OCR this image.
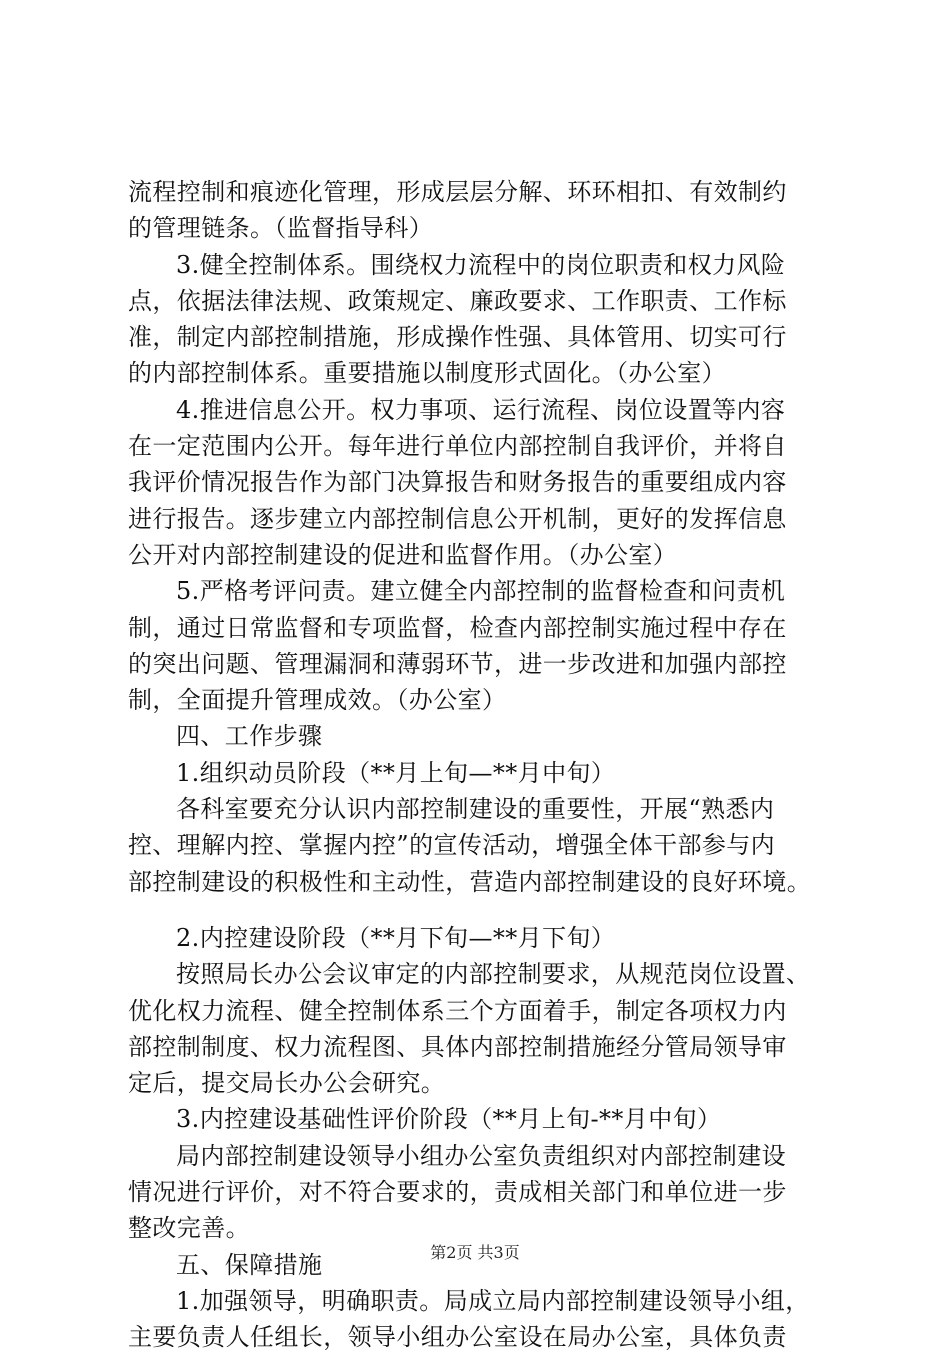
流程控制和痕迹化管理，形成层层分解、环环相扣、有效制约
的管理链条。（监督指导科）
3.健全控制体系。围绕权力流程中的岗位职责和权力风险
点，依据法律法规、政策规定、廉政要求、工作职责、工作标
准，制定内部控制措施，形成操作性强、具体管用、切实可行
的内部控制体系。重要措施以制度形式固化。（办公室）
4.推进信息公开。权力事项、运行流程、岗位设置等内容
在一定范围内公开。每年进行单位内部控制自我评价，并将自
我评价情况报告作为部门决算报告和财务报告的重要组成内容
进行报告。逐步建立内部控制信息公开机制，更好的发挥信息
公开对内部控制建设的促进和监督作用。（办公室）
5.严格考评问责。建立健全内部控制的监督检查和问责机
制，通过日常监督和专项监督，检查内部控制实施过程中存在
的突出问题、管理漏洞和薄弱环节，进一步改进和加强内部控
制，全面提升管理成效。（办公室）
四、工作步骤
1.组织动员阶段（**月上旬—**月中旬）
各科室要充分认识内部控制建设的重要性，开展“熟悉内
控、理解内控、掌握内控”的宣传活动，增强全体干部参与内
部控制建设的积极性和主动性，营造内部控制建设的良好环境。
2.内控建设阶段（**月下旬—**月下旬）
按照局长办公会议审定的内部控制要求，从规范岗位设置、
优化权力流程、健全控制体系三个方面着手，制定各项权力内
部控制制度、权力流程图、具体内部控制措施经分管局领导审
定后，提交局长办公会研究。
3.内控建设基础性评价阶段（**月上旬-**月中旬）
局内部控制建设领导小组办公室负责组织对内部控制建设
情况进行评价，对不符合要求的，责成相关部门和单位进一步
整改完善。
五、保障措施
1.加强领导，明确职责。局成立局内部控制建设领导小组，
主要负责人任组长，领导小组办公室设在局办公室，具体负责
第2页 共3页
